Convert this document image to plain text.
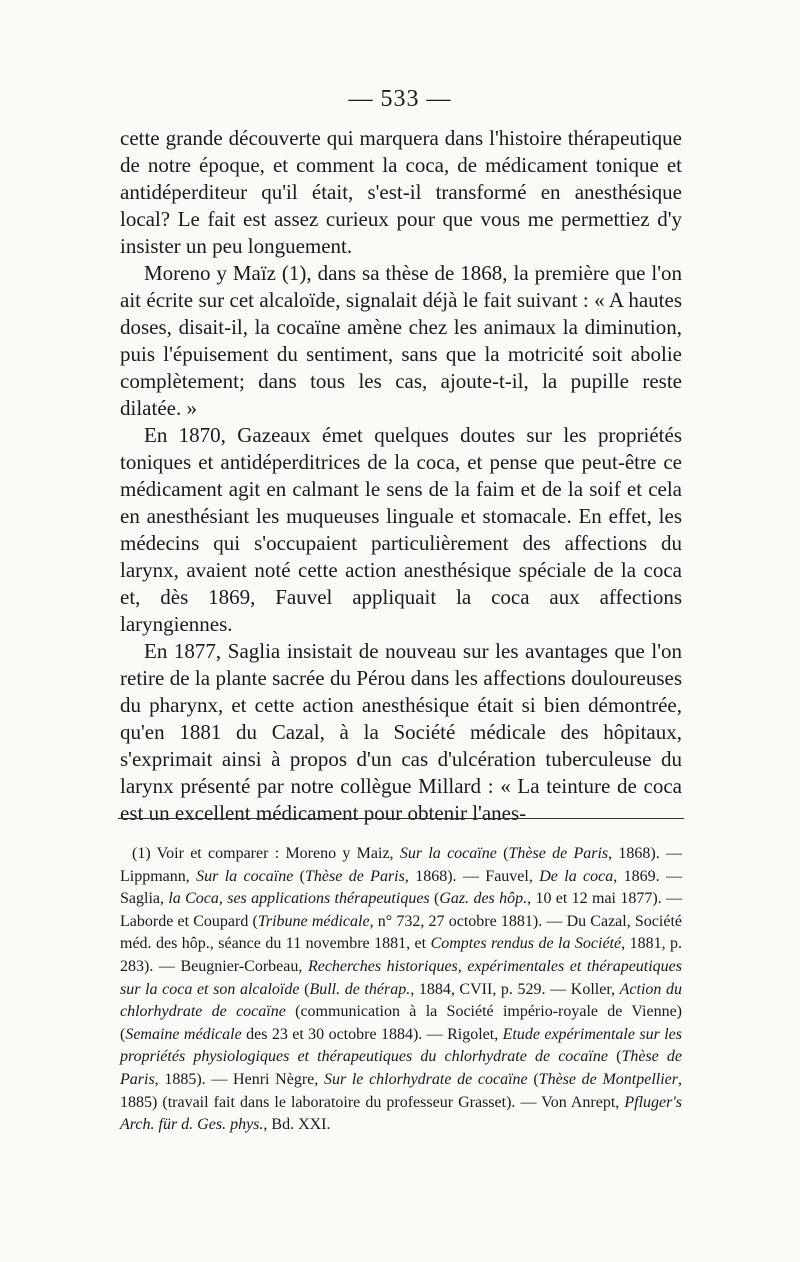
— 533 —

cette grande découverte qui marquera dans l'histoire thérapeutique de notre époque, et comment la coca, de médicament tonique et antidéperditeur qu'il était, s'est-il transformé en anesthésique local? Le fait est assez curieux pour que vous me permettiez d'y insister un peu longuement.

Moreno y Maïz (1), dans sa thèse de 1868, la première que l'on ait écrite sur cet alcaloïde, signalait déjà le fait suivant : « A hautes doses, disait-il, la cocaïne amène chez les animaux la diminution, puis l'épuisement du sentiment, sans que la motricité soit abolie complètement; dans tous les cas, ajoute-t-il, la pupille reste dilatée. »

En 1870, Gazeaux émet quelques doutes sur les propriétés toniques et antidéperditrices de la coca, et pense que peut-être ce médicament agit en calmant le sens de la faim et de la soif et cela en anesthésiant les muqueuses linguale et stomacale. En effet, les médecins qui s'occupaient particulièrement des affections du larynx, avaient noté cette action anesthésique spéciale de la coca et, dès 1869, Fauvel appliquait la coca aux affections laryngiennes.

En 1877, Saglia insistait de nouveau sur les avantages que l'on retire de la plante sacrée du Pérou dans les affections douloureuses du pharynx, et cette action anesthésique était si bien démontrée, qu'en 1881 du Cazal, à la Société médicale des hôpitaux, s'exprimait ainsi à propos d'un cas d'ulcération tuberculeuse du larynx présenté par notre collègue Millard : « La teinture de coca est un excellent médicament pour obtenir l'anes-

(1) Voir et comparer : Moreno y Maiz, Sur la cocaïne (Thèse de Paris, 1868). — Lippmann, Sur la cocaïne (Thèse de Paris, 1868). — Fauvel, De la coca, 1869. — Saglia, la Coca, ses applications thérapeutiques (Gaz. des hôp., 10 et 12 mai 1877). — Laborde et Coupard (Tribune médicale, n° 732, 27 octobre 1881). — Du Cazal, Société méd. des hôp., séance du 11 novembre 1881, et Comptes rendus de la Société, 1881, p. 283). — Beugnier-Corbeau, Recherches historiques, expérimentales et thérapeutiques sur la coca et son alcaloïde (Bull. de thérap., 1884, CVII, p. 529. — Koller, Action du chlorhydrate de cocaïne (communication à la Société império-royale de Vienne) (Semaine médicale des 23 et 30 octobre 1884). — Rigolet, Etude expérimentale sur les propriétés physiologiques et thérapeutiques du chlorhydrate de cocaïne (Thèse de Paris, 1885). — Henri Nègre, Sur le chlorhydrate de cocaïne (Thèse de Montpellier, 1885) (travail fait dans le laboratoire du professeur Grasset). — Von Anrept, Pfluger's Arch. für d. Ges. phys., Bd. XXI.
